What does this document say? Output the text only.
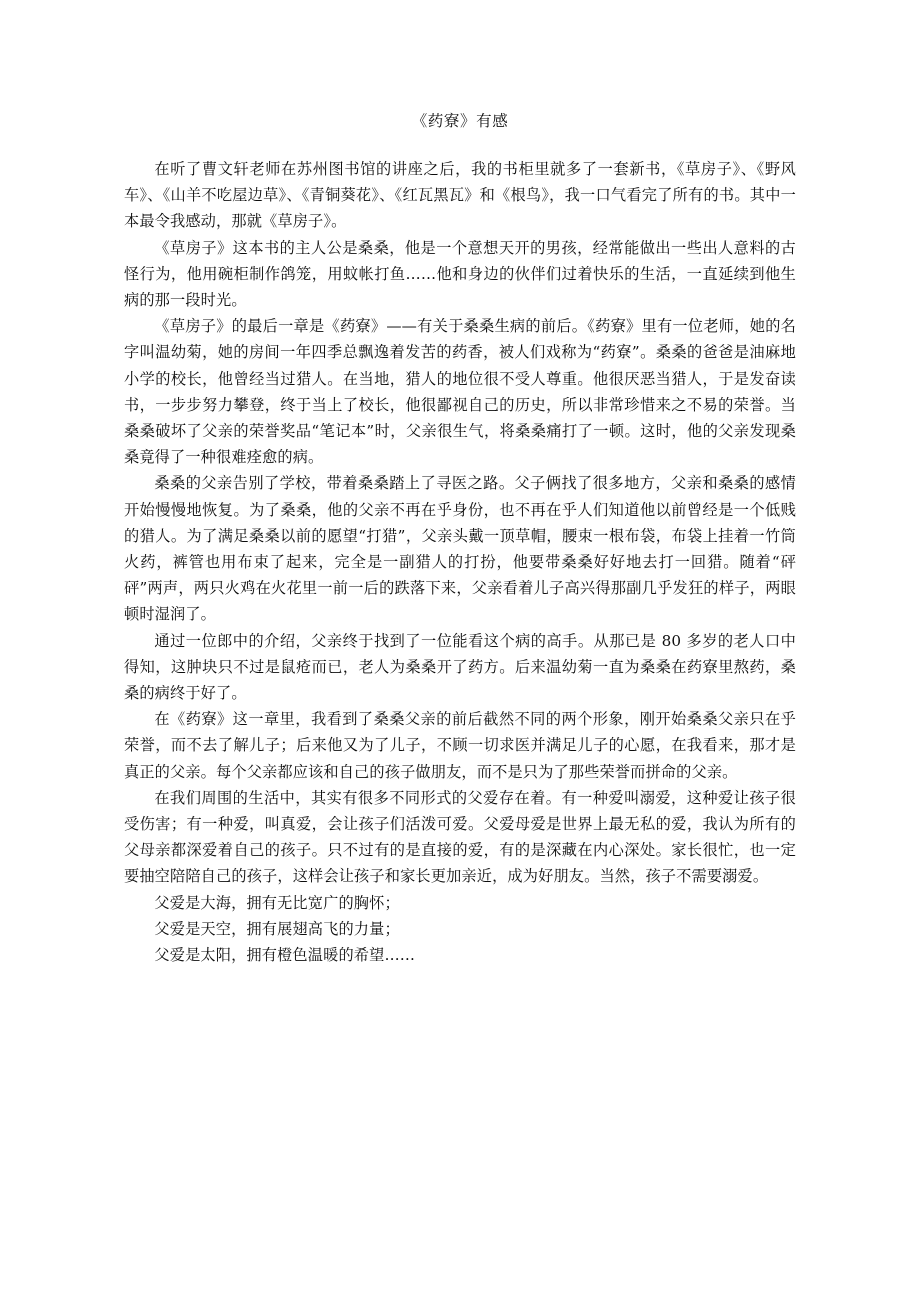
《药寮》有感

在听了曹文轩老师在苏州图书馆的讲座之后，我的书柜里就多了一套新书，《草房子》、《野风车》、《山羊不吃屋边草》、《青铜葵花》、《红瓦黑瓦》和《根鸟》，我一口气看完了所有的书。其中一本最令我感动，那就《草房子》。

《草房子》这本书的主人公是桑桑，他是一个意想天开的男孩，经常能做出一些出人意料的古怪行为，他用碗柜制作鸽笼，用蚊帐打鱼……他和身边的伙伴们过着快乐的生活，一直延续到他生病的那一段时光。

《草房子》的最后一章是《药寮》——有关于桑桑生病的前后。《药寮》里有一位老师，她的名字叫温幼菊，她的房间一年四季总飘逸着发苦的药香，被人们戏称为“药寮”。桑桑的爸爸是油麻地小学的校长，他曾经当过猎人。在当地，猎人的地位很不受人尊重。他很厌恶当猎人，于是发奋读书，一步步努力攀登，终于当上了校长，他很鄙视自己的历史，所以非常珍惜来之不易的荣誉。当桑桑破坏了父亲的荣誉奖品“笔记本”时，父亲很生气，将桑桑痛打了一顿。这时，他的父亲发现桑桑竟得了一种很难痊愈的病。

桑桑的父亲告别了学校，带着桑桑踏上了寻医之路。父子俩找了很多地方，父亲和桑桑的感情开始慢慢地恢复。为了桑桑，他的父亲不再在乎身份，也不再在乎人们知道他以前曾经是一个低贱的猎人。为了满足桑桑以前的愿望“打猎”，父亲头戴一顶草帽，腰束一根布袋，布袋上挂着一竹筒火药，裤管也用布束了起来，完全是一副猎人的打扮，他要带桑桑好好地去打一回猎。随着“砰砰”两声，两只火鸡在火花里一前一后的跌落下来，父亲看着儿子高兴得那副几乎发狂的样子，两眼顿时湿润了。

通过一位郎中的介绍，父亲终于找到了一位能看这个病的高手。从那已是 80 多岁的老人口中得知，这肿块只不过是鼠疮而已，老人为桑桑开了药方。后来温幼菊一直为桑桑在药寮里熬药，桑桑的病终于好了。

在《药寮》这一章里，我看到了桑桑父亲的前后截然不同的两个形象，刚开始桑桑父亲只在乎荣誉，而不去了解儿子；后来他又为了儿子，不顾一切求医并满足儿子的心愿，在我看来，那才是真正的父亲。每个父亲都应该和自己的孩子做朋友，而不是只为了那些荣誉而拼命的父亲。

在我们周围的生活中，其实有很多不同形式的父爱存在着。有一种爱叫溺爱，这种爱让孩子很受伤害；有一种爱，叫真爱，会让孩子们活泼可爱。父爱母爱是世界上最无私的爱，我认为所有的父母亲都深爱着自己的孩子。只不过有的是直接的爱，有的是深藏在内心深处。家长很忙，也一定要抽空陪陪自己的孩子，这样会让孩子和家长更加亲近，成为好朋友。当然，孩子不需要溺爱。

父爱是大海，拥有无比宽广的胸怀；

父爱是天空，拥有展翅高飞的力量；

父爱是太阳，拥有橙色温暖的希望……
